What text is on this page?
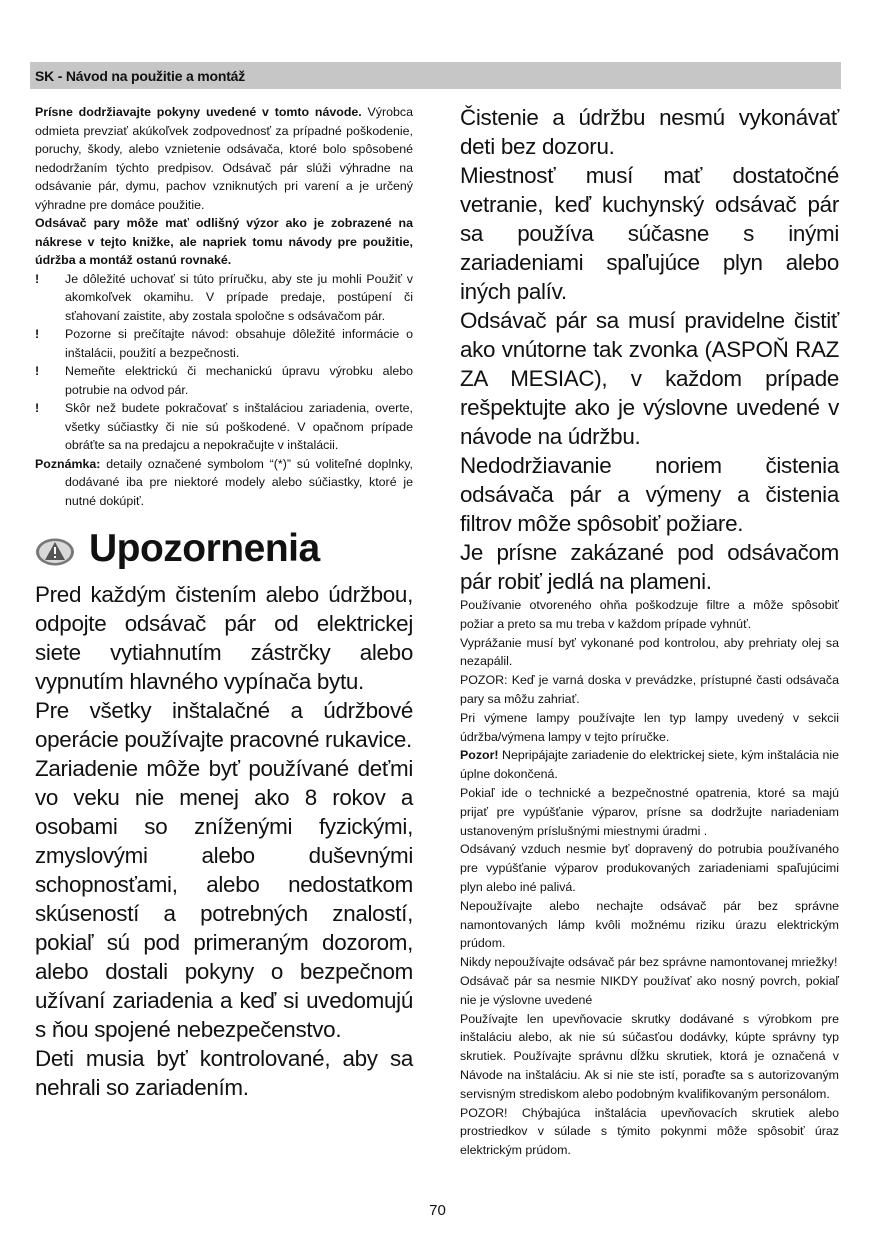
SK - Návod na použitie a montáž

Prísne dodržiavajte pokyny uvedené v tomto návode. Výrobca odmieta prevziať akúkoľvek zodpovednosť za prípadné poškodenie, poruchy, škody, alebo vznietenie odsávača, ktoré bolo spôsobené nedodržaním týchto predpisov. Odsávač pár slúži výhradne na odsávanie pár, dymu, pachov vzniknutých pri varení a je určený výhradne pre domáce použitie.

Odsávač pary môže mať odlišný výzor ako je zobrazené na nákrese v tejto knižke, ale napriek tomu návody pre použitie, údržba a montáž ostanú rovnaké.

! Je dôležité uchovať si túto príručku, aby ste ju mohli Použiť v akomkoľvek okamihu. V prípade predaje, postúpení či sťahovaní zaistite, aby zostala spoločne s odsávačom pár.

! Pozorne si prečítajte návod: obsahuje dôležité informácie o inštalácii, použití a bezpečnosti.

! Nemeňte elektrickú či mechanickú úpravu výrobku alebo potrubie na odvod pár.

! Skôr než budete pokračovať s inštaláciou zariadenia, overte, všetky súčiastky či nie sú poškodené. V opačnom prípade obráťte sa na predajcu a nepokračujte v inštalácii.

Poznámka: detaily označené symbolom “(*)” sú voliteľné doplnky, dodávané iba pre niektoré modely alebo súčiastky, ktoré je nutné dokúpiť.

Upozornenia

Pred každým čistením alebo údržbou, odpojte odsávač pár od elektrickej siete vytiahnutím zástrčky alebo vypnutím hlavného vypínača bytu.

Pre všetky inštalačné a údržbové operácie používajte pracovné rukavice.

Zariadenie môže byť používané deťmi vo veku nie menej ako 8 rokov a osobami so zníženými fyzickými, zmyslovými alebo duševnými schopnosťami, alebo nedostatkom skúseností a potrebných znalostí, pokiaľ sú pod primeraným dozorom, alebo dostali pokyny o bezpečnom užívaní zariadenia a keď si uvedomujú s ňou spojené nebezpečenstvo.

Deti musia byť kontrolované, aby sa nehrali so zariadením.

Čistenie a údržbu nesmú vykonávať deti bez dozoru.

Miestnosť musí mať dostatočné vetranie, keď kuchynský odsávač pár sa používa súčasne s inými zariadeniami spaľujúce plyn alebo iných palív.

Odsávač pár sa musí pravidelne čistiť ako vnútorne tak zvonka (ASPOŇ RAZ ZA MESIAC), v každom prípade rešpektujte ako je výslovne uvedené v návode na údržbu.

Nedodržiavanie noriem čistenia odsávača pár a výmeny a čistenia filtrov môže spôsobiť požiare.

Je prísne zakázané pod odsávačom pár robiť jedlá na plameni.

Používanie otvoreného ohňa poškodzuje filtre a môže spôsobiť požiar a preto sa mu treba v každom prípade vyhnúť.

Vyprážanie musí byť vykonané pod kontrolou, aby prehriaty olej sa nezapálil.

POZOR: Keď je varná doska v prevádzke, prístupné časti odsávača pary sa môžu zahriať.

Pri výmene lampy používajte len typ lampy uvedený v sekcii údržba/výmena lampy v tejto príručke.

Pozor! Nepripájajte zariadenie do elektrickej siete, kým inštalácia nie úplne dokončená.

Pokiaľ ide o technické a bezpečnostné opatrenia, ktoré sa majú prijať pre vypúšťanie výparov, prísne sa dodržujte nariadeniam ustanoveným príslušnými miestnymi úradmi .

Odsávaný vzduch nesmie byť dopravený do potrubia používaného pre vypúšťanie výparov produkovaných zariadeniami spaľujúcimi plyn alebo iné palivá.

Nepoužívajte alebo nechajte odsávač pár bez správne namontovaných lámp kvôli možnému riziku úrazu elektrickým prúdom.

Nikdy nepoužívajte odsávač pár bez správne namontovanej mriežky!

Odsávač pár sa nesmie NIKDY používať ako nosný povrch, pokiaľ nie je výslovne uvedené

Používajte len upevňovacie skrutky dodávané s výrobkom pre inštaláciu alebo, ak nie sú súčasťou dodávky, kúpte správny typ skrutiek. Používajte správnu dĺžku skrutiek, ktorá je označená v Návode na inštaláciu. Ak si nie ste istí, poraďte sa s autorizovaným servisným strediskom alebo podobným kvalifikovaným personálom.

POZOR! Chýbajúca inštalácia upevňovacích skrutiek alebo prostriedkov v súlade s týmito pokynmi môže spôsobiť úraz elektrickým prúdom.

70
